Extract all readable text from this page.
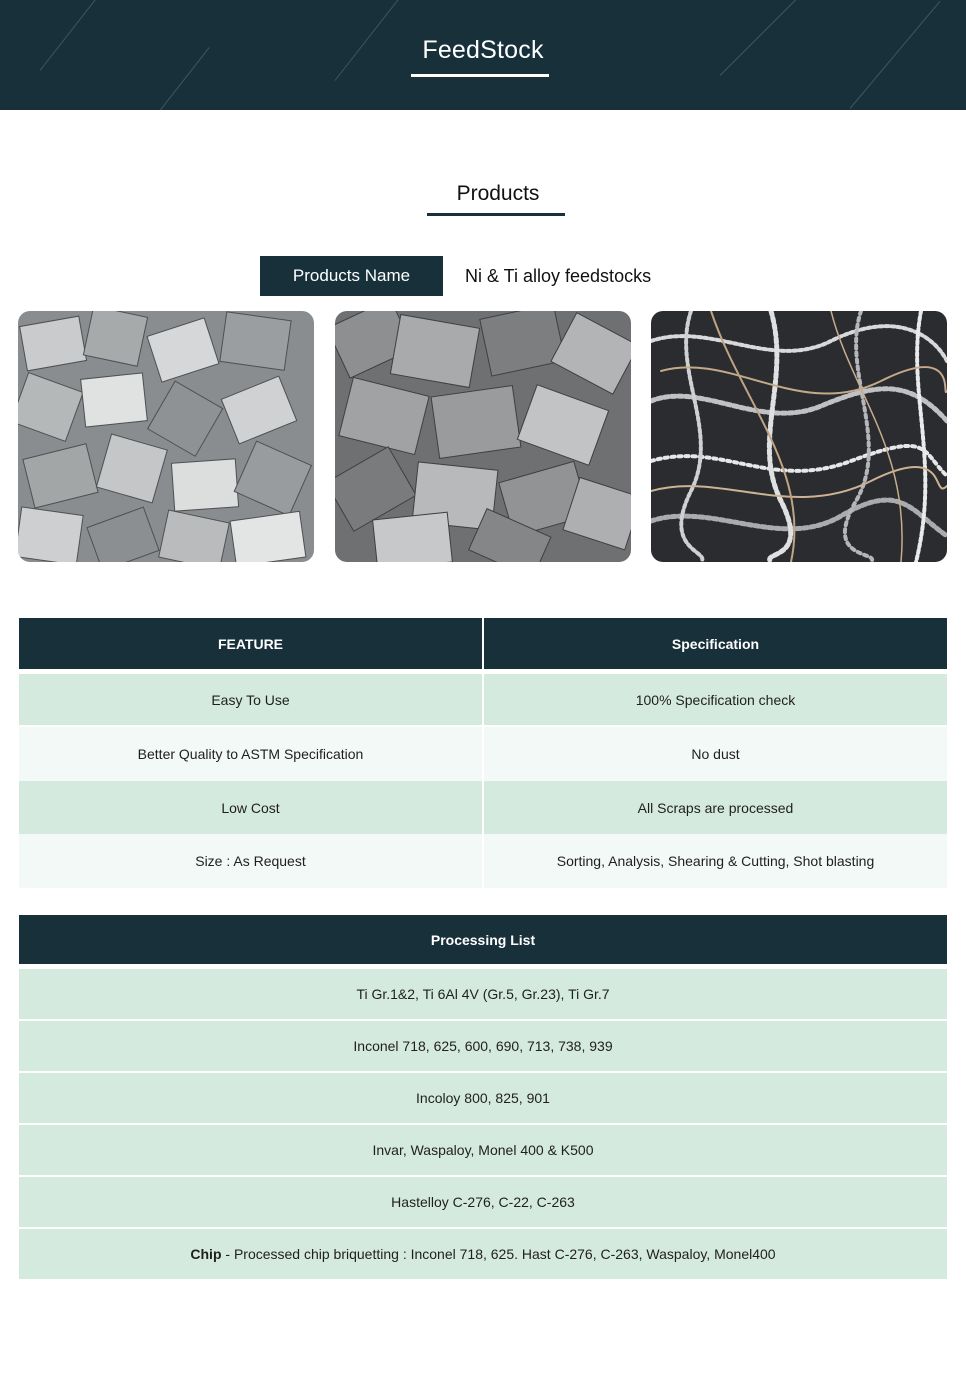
FeedStock
Products
Products Name	Ni & Ti alloy feedstocks
FEATURE	Specification
Easy To Use	100% Specification check
Better Quality to ASTM Specification	No dust
Low Cost	All Scraps are processed
Size : As Request	Sorting, Analysis, Shearing & Cutting, Shot blasting
Processing List
Ti Gr.1&2, Ti 6Al 4V (Gr.5, Gr.23), Ti Gr.7
Inconel 718, 625, 600, 690, 713, 738, 939
Incoloy 800, 825, 901
Invar, Waspaloy, Monel 400 & K500
Hastelloy C-276, C-22, C-263
Chip - Processed chip briquetting : Inconel 718, 625. Hast C-276, C-263, Waspaloy, Monel400
